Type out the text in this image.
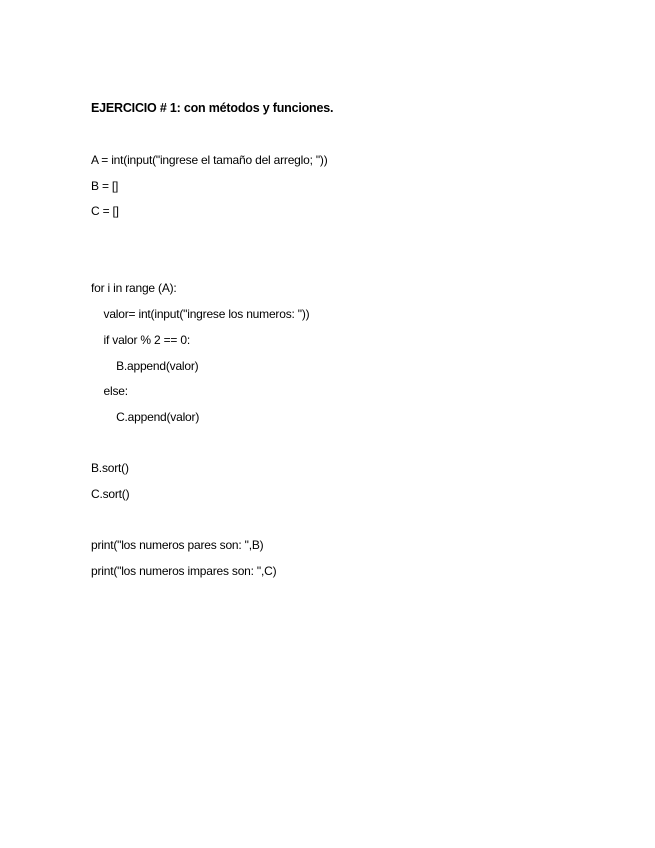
EJERCICIO # 1: con métodos y funciones.
A = int(input("ingrese el tamaño del arreglo; "))
B = []
C = []
for i in range (A):
valor= int(input("ingrese los numeros: "))
if valor % 2 == 0:
B.append(valor)
else:
C.append(valor)
B.sort()
C.sort()
print("los numeros pares son: ",B)
print("los numeros impares son: ",C)
